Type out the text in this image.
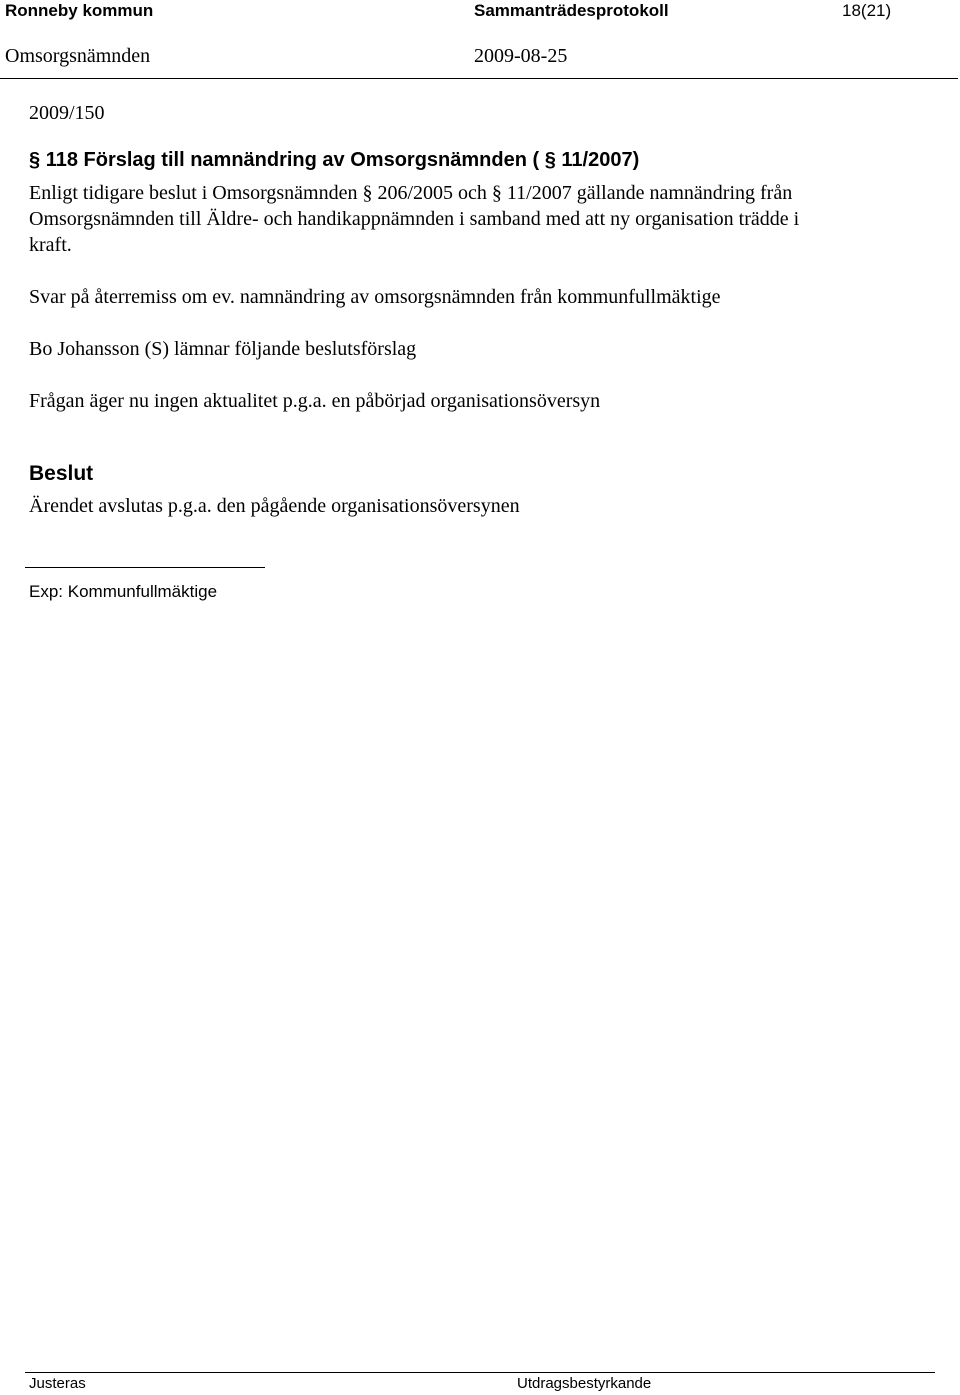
Ronneby kommun	Sammanträdesprotokoll	18(21)
Omsorgsnämnden	2009-08-25
2009/150
§ 118 Förslag till namnändring av Omsorgsnämnden ( § 11/2007)
Enligt tidigare beslut i Omsorgsnämnden § 206/2005 och § 11/2007 gällande namnändring från
Omsorgsnämnden till Äldre- och handikappnämnden i samband med att ny organisation trädde i
kraft.
Svar på återremiss om ev. namnändring av omsorgsnämnden från kommunfullmäktige
Bo Johansson (S) lämnar följande beslutsförslag
Frågan äger nu ingen aktualitet p.g.a. en påbörjad organisationsöversyn
Beslut
Ärendet avslutas p.g.a. den pågående organisationsöversynen
Exp: Kommunfullmäktige
Justeras	Utdragsbestyrkande
